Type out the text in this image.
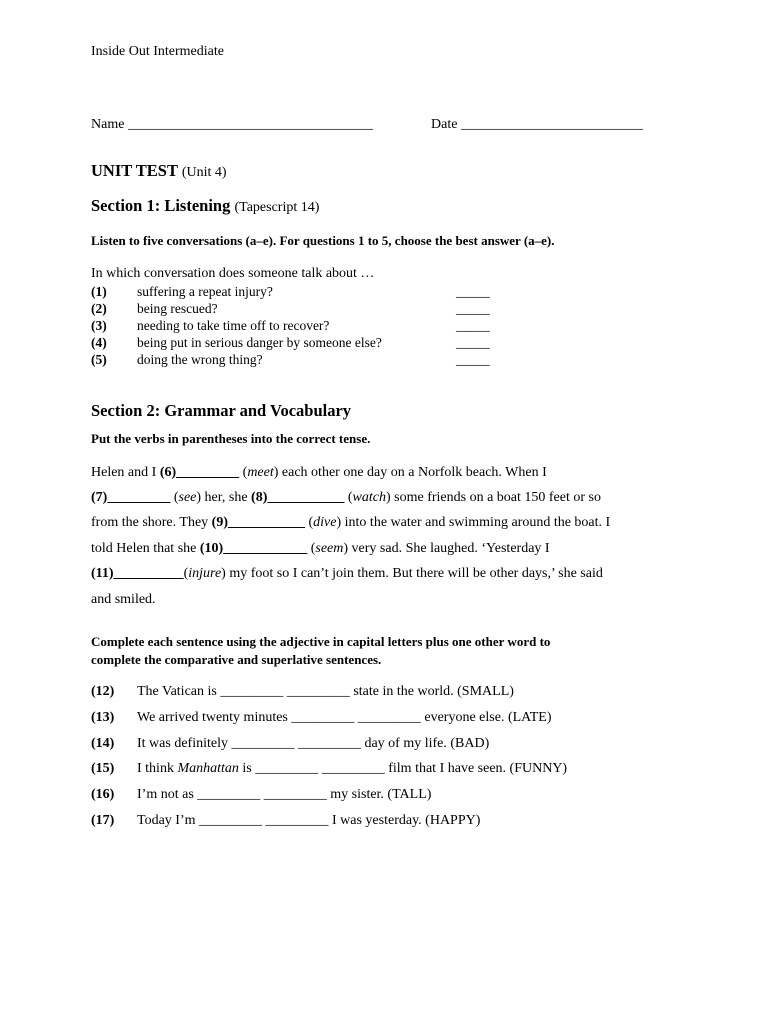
Inside Out Intermediate
Name ___________________________________	Date __________________________
UNIT TEST (Unit 4)
Section 1: Listening (Tapescript 14)
Listen to five conversations (a–e). For questions 1 to 5, choose the best answer (a–e).
In which conversation does someone talk about …
(1) suffering a repeat injury?
(2) being rescued?
(3) needing to take time off to recover?
(4) being put in serious danger by someone else?
(5) doing the wrong thing?
_____
_____
_____
_____
_____
Section 2: Grammar and Vocabulary
Put the verbs in parentheses into the correct tense.
Helen and I (6)_________ (meet) each other one day on a Norfolk beach. When I
(7)_________ (see) her, she (8)___________ (watch) some friends on a boat 150 feet or so
from the shore. They (9)___________ (dive) into the water and swimming around the boat. I
told Helen that she (10)____________ (seem) very sad. She laughed. ‘Yesterday I
(11)__________(injure) my foot so I can’t join them. But there will be other days,’ she said
and smiled.
Complete each sentence using the adjective in capital letters plus one other word to
complete the comparative and superlative sentences.
(12) The Vatican is _________ _________ state in the world. (SMALL)
(13) We arrived twenty minutes _________ _________ everyone else. (LATE)
(14) It was definitely _________ _________ day of my life. (BAD)
(15) I think Manhattan is _________ _________ film that I have seen. (FUNNY)
(16) I’m not as _________ _________ my sister. (TALL)
(17) Today I’m _________ _________ I was yesterday. (HAPPY)
